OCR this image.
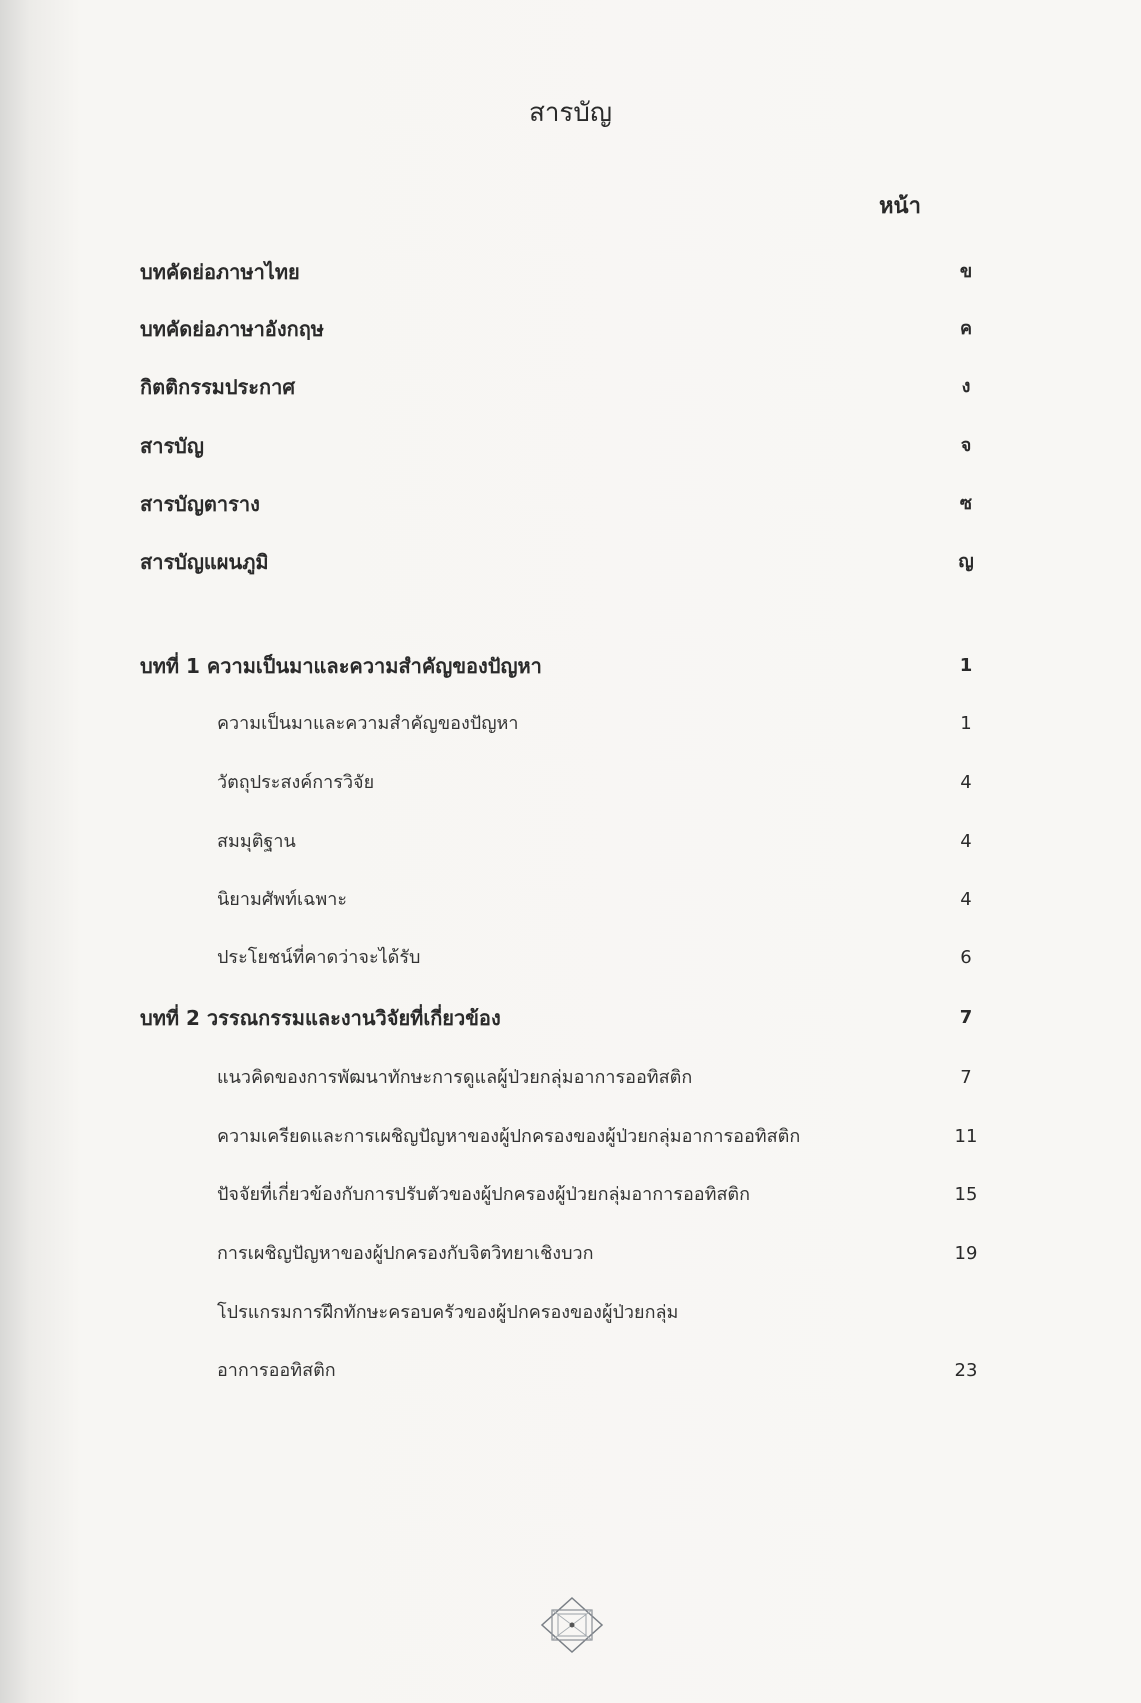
สารบัญ
หน้า
บทคัดย่อภาษาไทย	ข
บทคัดย่อภาษาอังกฤษ	ค
กิตติกรรมประกาศ	ง
สารบัญ	จ
สารบัญตาราง	ซ
สารบัญแผนภูมิ	ญ
บทที่ 1 ความเป็นมาและความสำคัญของปัญหา	1
ความเป็นมาและความสำคัญของปัญหา	1
วัตถุประสงค์การวิจัย	4
สมมุติฐาน	4
นิยามศัพท์เฉพาะ	4
ประโยชน์ที่คาดว่าจะได้รับ	6
บทที่ 2 วรรณกรรมและงานวิจัยที่เกี่ยวข้อง	7
แนวคิดของการพัฒนาทักษะการดูแลผู้ป่วยกลุ่มอาการออทิสติก	7
ความเครียดและการเผชิญปัญหาของผู้ปกครองของผู้ป่วยกลุ่มอาการออทิสติก	11
ปัจจัยที่เกี่ยวข้องกับการปรับตัวของผู้ปกครองผู้ป่วยกลุ่มอาการออทิสติก	15
การเผชิญปัญหาของผู้ปกครองกับจิตวิทยาเชิงบวก	19
โปรแกรมการฝึกทักษะครอบครัวของผู้ปกครองของผู้ป่วยกลุ่ม
อาการออทิสติก	23
